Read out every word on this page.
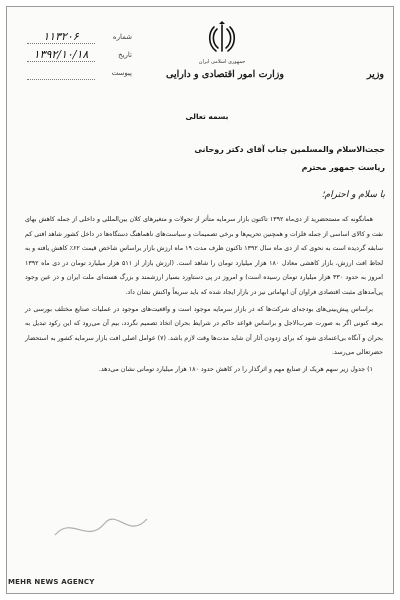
شماره
۱۱۳۲۰۶
تاریخ
۱۳۹۲/۱۰/۱۸
پیوست

جمهوری اسلامی ایران
وزارت امور اقتصادی و دارایی	وزیر
بسمه تعالی
حجت‌الاسلام والمسلمین جناب آقای دکتر روحانی
ریاست جمهور محترم
با سلام و احترام؛

همانگونه که مستحضرید از دی‌ماه ۱۳۹۲ تاکنون بازار سرمایه متأثر از تحولات و متغیرهای کلان بین‌المللی و داخلی از جمله کاهش بهای نفت و کالای اساسی از جمله فلزات و همچنین تحریم‌ها و برخی تصمیمات و سیاست‌های ناهماهنگ دستگاه‌ها در داخل کشور شاهد افتی کم سابقه گردیده است به نحوی که از دی ماه سال ۱۳۹۲ تاکنون ظرف مدت ۱۹ ماه ارزش بازار براساس شاخص قیمت ۶۲٪ کاهش یافته و به لحاظ افت ارزش، بازار کاهشی معادل ۱۸۰ هزار میلیارد تومان را شاهد است. (ارزش بازار از ۵۱۱ هزار میلیارد تومان در دی ماه ۱۳۹۲ امروز به حدود ۳۳۰ هزار میلیارد تومان رسیده است) و امروز در پی دستاورد بسیار ارزشمند و بزرگ هسته‌ای ملت ایران و در عین وجود پی‌آمدهای مثبت اقتصادی فراوان آن ابهاماتی نیز در بازار ایجاد شده که باید سریعاً واکنش نشان داد.

براساس پیش‌بینی‌های بودجه‌ای شرکت‌ها که در بازار سرمایه موجود است و واقعیت‌های موجود در عملیات صنایع مختلف بورسی در برهه کنونی اگر به صورت ضرب‌الاجل و براساس قواعد حاکم در شرایط بحران اتخاذ تصمیم نگردد، بیم آن می‌رود که این رکود تبدیل به بحران و آنگاه بی‌اعتمادی شود که برای زدودن آثار آن شاید مدت‌ها وقت لازم باشد. (۷) عوامل اصلی افت بازار سرمایه کشور به استحضار حضرتعالی می‌رسد.

۱) جدول زیر سهم هریک از صنایع مهم و اثرگذار را در کاهش حدود ۱۸۰ هزار میلیارد تومانی نشان می‌دهد.

MEHR NEWS AGENCY
